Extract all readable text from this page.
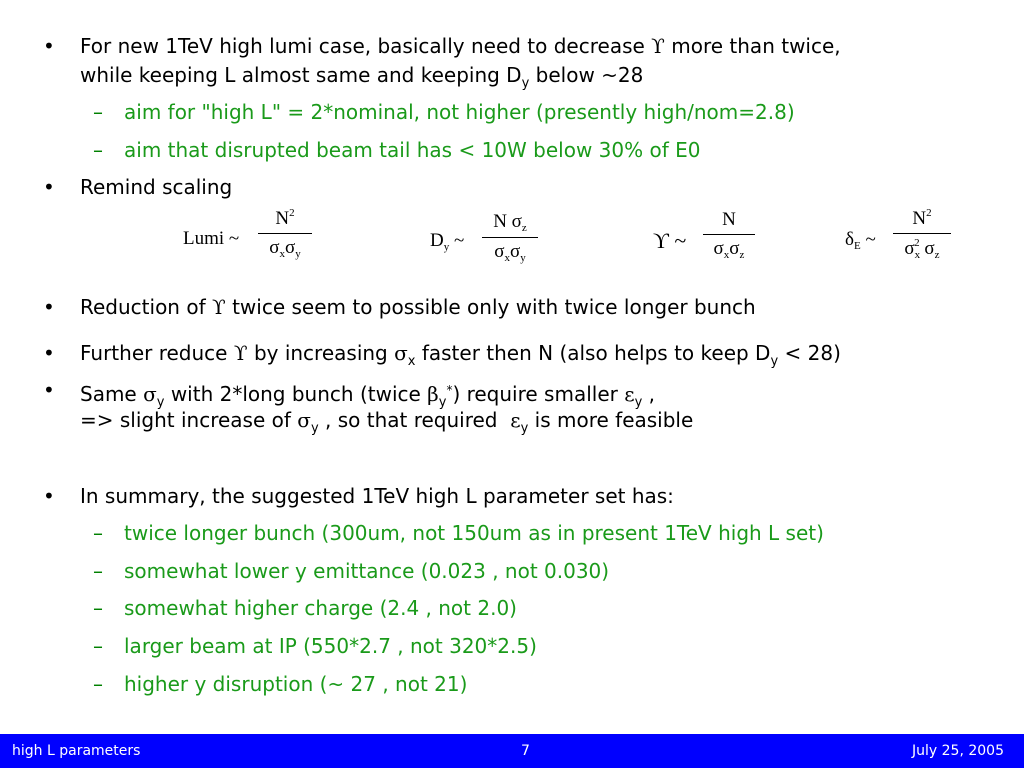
• For new 1TeV high lumi case, basically need to decrease ϒ more than twice,
while keeping L almost same and keeping $D_y$ below ~28
– aim for "high L" = 2*nominal, not higher (presently high/nom=2.8)
– aim that disrupted beam tail has < 10W below 30% of E0
• Remind scaling
Lumi ~
$N^2$
$\sigma_x\sigma_y$
$D_y$ ~
N $\sigma_z$
$\sigma_x\sigma_y$
ϒ ~
N
$\sigma_x\sigma_z$
$\delta_E$ ~
$N^2$
$\sigma_x^2$ $\sigma_z$
• Reduction of ϒ twice seem to possible only with twice longer bunch
• Further reduce ϒ by increasing $\sigma_x$ faster then N (also helps to keep $D_y < 28$)
• Same $\sigma_y$ with 2*long bunch (twice $\beta_y^*$) require smaller $\varepsilon_y$ ,
=> slight increase of $\sigma_y$ , so that required $\varepsilon_y$ is more feasible
• In summary, the suggested 1TeV high L parameter set has:
– twice longer bunch (300um, not 150um as in present 1TeV high L set)
– somewhat lower y emittance (0.023 , not 0.030)
– somewhat higher charge (2.4 , not 2.0)
– larger beam at IP (550*2.7 , not 320*2.5)
– higher y disruption (~ 27 , not 21)
high L parameters	7	July 25, 2005
